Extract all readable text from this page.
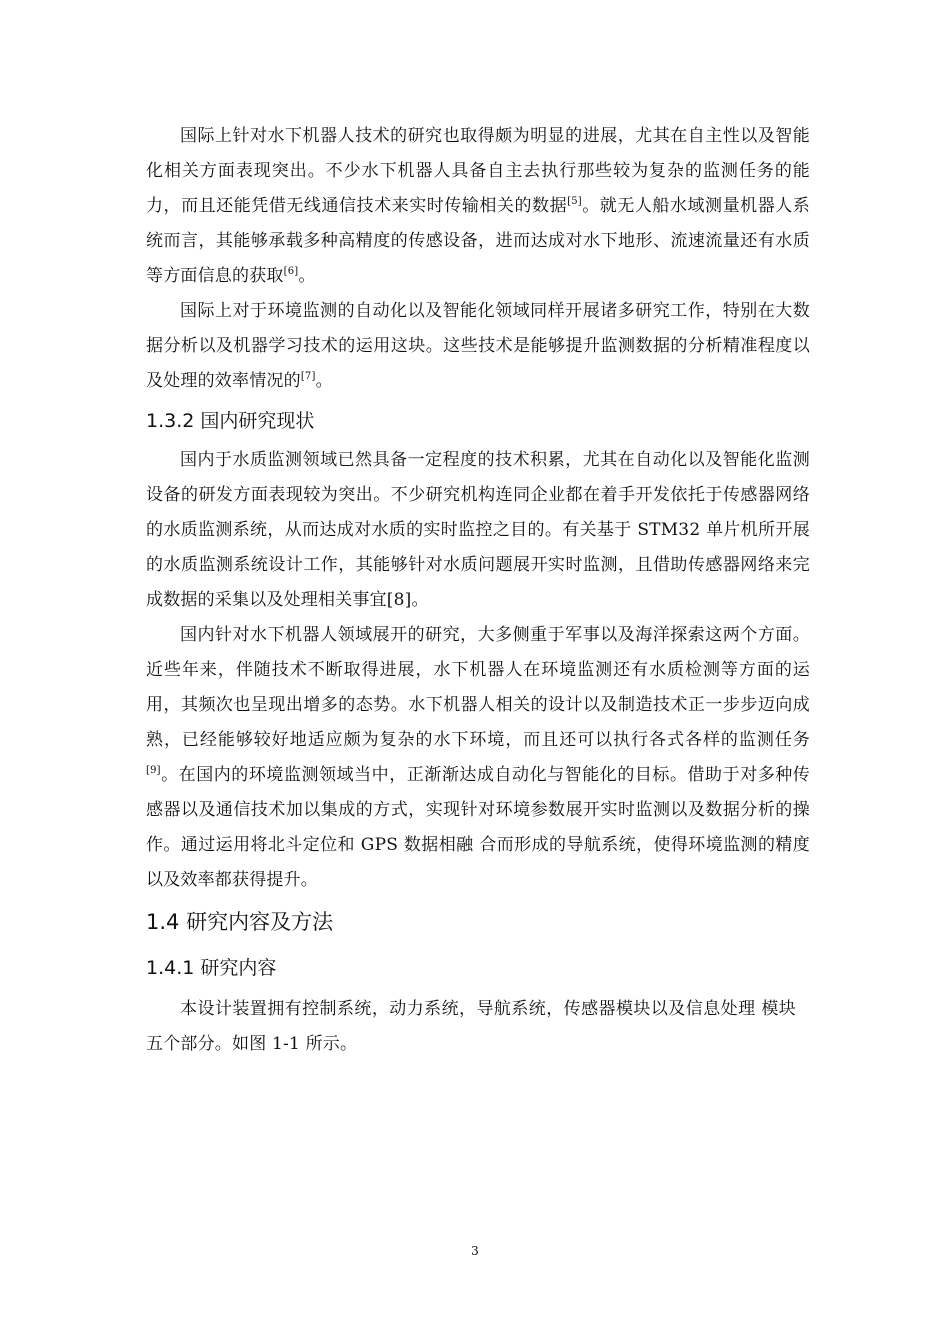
国际上针对水下机器人技术的研究也取得颇为明显的进展，尤其在自主性以及智能化相关方面表现突出。不少水下机器人具备自主去执行那些较为复杂的监测任务的能力，而且还能凭借无线通信技术来实时传输相关的数据[5]。就无人船水域测量机器人系统而言，其能够承载多种高精度的传感设备，进而达成对水下地形、流速流量还有水质等方面信息的获取[6]。

国际上对于环境监测的自动化以及智能化领域同样开展诸多研究工作，特别在大数据分析以及机器学习技术的运用这块。这些技术是能够提升监测数据的分析精准程度以及处理的效率情况的[7]。

1.3.2 国内研究现状

国内于水质监测领域已然具备一定程度的技术积累，尤其在自动化以及智能化监测设备的研发方面表现较为突出。不少研究机构连同企业都在着手开发依托于传感器网络的水质监测系统，从而达成对水质的实时监控之目的。有关基于 STM32 单片机所开展的水质监测系统设计工作，其能够针对水质问题展开实时监测，且借助传感器网络来完成数据的采集以及处理相关事宜[8]。

国内针对水下机器人领域展开的研究，大多侧重于军事以及海洋探索这两个方面。近些年来，伴随技术不断取得进展，水下机器人在环境监测还有水质检测等方面的运用，其频次也呈现出增多的态势。水下机器人相关的设计以及制造技术正一步步迈向成熟，已经能够较好地适应颇为复杂的水下环境，而且还可以执行各式各样的监测任务[9]。在国内的环境监测领域当中，正渐渐达成自动化与智能化的目标。借助于对多种传感器以及通信技术加以集成的方式，实现针对环境参数展开实时监测以及数据分析的操作。通过运用将北斗定位和 GPS 数据相融 合而形成的导航系统，使得环境监测的精度以及效率都获得提升。

1.4 研究内容及方法
1.4.1 研究内容

本设计装置拥有控制系统，动力系统，导航系统，传感器模块以及信息处理 模块五个部分。如图 1-1 所示。

3
